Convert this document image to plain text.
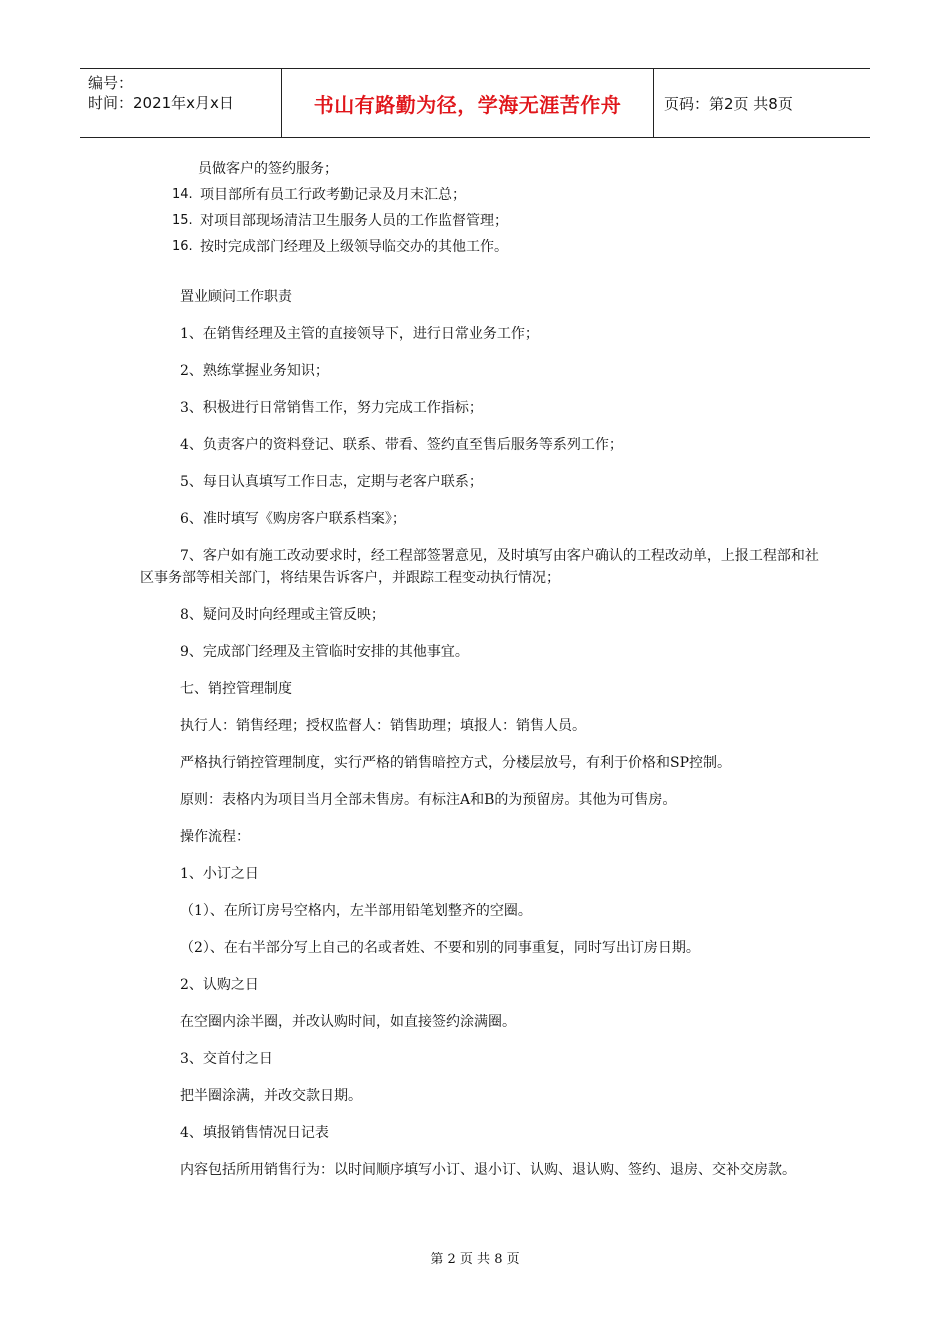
编号：
时间：2021年x月x日	书山有路勤为径，学海无涯苦作舟	页码：第2页 共8页
员做客户的签约服务；
14. 项目部所有员工行政考勤记录及月末汇总；
15. 对项目部现场清洁卫生服务人员的工作监督管理；
16. 按时完成部门经理及上级领导临交办的其他工作。

置业顾问工作职责

1、在销售经理及主管的直接领导下，进行日常业务工作；

2、熟练掌握业务知识；

3、积极进行日常销售工作，努力完成工作指标；

4、负责客户的资料登记、联系、带看、签约直至售后服务等系列工作；

5、每日认真填写工作日志，定期与老客户联系；

6、准时填写《购房客户联系档案》；

7、客户如有施工改动要求时，经工程部签署意见，及时填写由客户确认的工程改动单，上报工程部和社区事务部等相关部门，将结果告诉客户，并跟踪工程变动执行情况；

8、疑问及时向经理或主管反映；

9、完成部门经理及主管临时安排的其他事宜。

七、销控管理制度

执行人：销售经理；授权监督人：销售助理；填报人：销售人员。

严格执行销控管理制度，实行严格的销售暗控方式，分楼层放号，有利于价格和SP控制。

原则：表格内为项目当月全部未售房。有标注A和B的为预留房。其他为可售房。

操作流程：

1、小订之日

（1）、在所订房号空格内，左半部用铅笔划整齐的空圈。

（2）、在右半部分写上自己的名或者姓、不要和别的同事重复，同时写出订房日期。

2、认购之日

在空圈内涂半圈，并改认购时间，如直接签约涂满圈。

3、交首付之日

把半圈涂满，并改交款日期。

4、填报销售情况日记表

内容包括所用销售行为：以时间顺序填写小订、退小订、认购、退认购、签约、退房、交补交房款。

第 2 页 共 8 页
